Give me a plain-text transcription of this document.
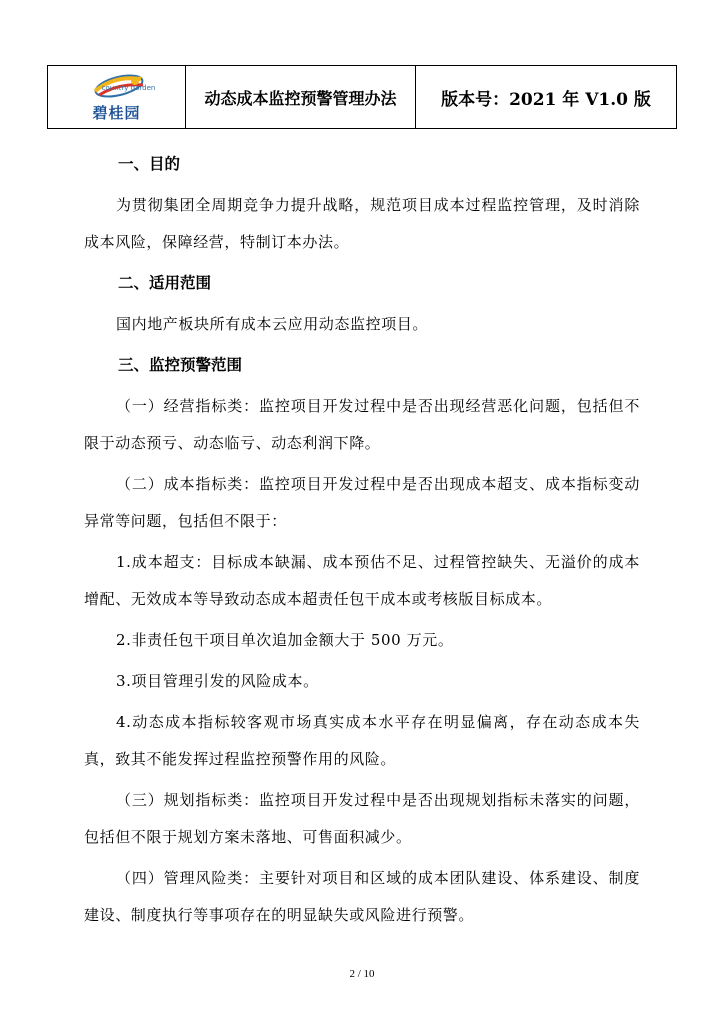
country garden
碧桂园
动态成本监控预警管理办法	版本号：2021 年 V1.0 版

一、目的

为贯彻集团全周期竞争力提升战略，规范项目成本过程监控管理，及时消除成本风险，保障经营，特制订本办法。

二、适用范围

国内地产板块所有成本云应用动态监控项目。

三、监控预警范围

（一）经营指标类：监控项目开发过程中是否出现经营恶化问题，包括但不限于动态预亏、动态临亏、动态利润下降。

（二）成本指标类：监控项目开发过程中是否出现成本超支、成本指标变动异常等问题，包括但不限于：

1.成本超支：目标成本缺漏、成本预估不足、过程管控缺失、无溢价的成本增配、无效成本等导致动态成本超责任包干成本或考核版目标成本。

2.非责任包干项目单次追加金额大于 500 万元。

3.项目管理引发的风险成本。

4.动态成本指标较客观市场真实成本水平存在明显偏离，存在动态成本失真，致其不能发挥过程监控预警作用的风险。

（三）规划指标类：监控项目开发过程中是否出现规划指标未落实的问题，包括但不限于规划方案未落地、可售面积减少。

（四）管理风险类：主要针对项目和区域的成本团队建设、体系建设、制度建设、制度执行等事项存在的明显缺失或风险进行预警。

2 / 10
